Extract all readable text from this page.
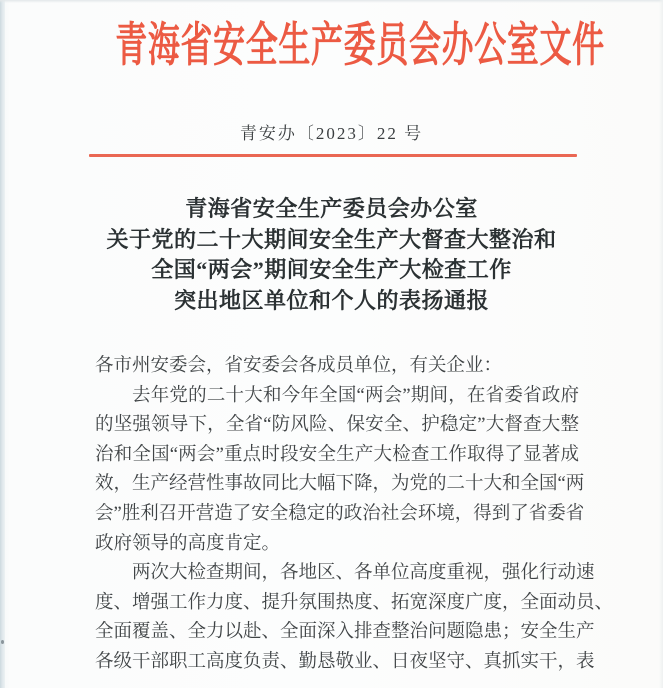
青海省安全生产委员会办公室文件
青安办〔2023〕22 号
青海省安全生产委员会办公室
关于党的二十大期间安全生产大督查大整治和
全国“两会”期间安全生产大检查工作
突出地区单位和个人的表扬通报
各市州安委会，省安委会各成员单位，有关企业：
去年党的二十大和今年全国“两会”期间，在省委省政府
的坚强领导下，全省“防风险、保安全、护稳定”大督查大整
治和全国“两会”重点时段安全生产大检查工作取得了显著成
效，生产经营性事故同比大幅下降，为党的二十大和全国“两
会”胜利召开营造了安全稳定的政治社会环境，得到了省委省
政府领导的高度肯定。
两次大检查期间，各地区、各单位高度重视，强化行动速
度、增强工作力度、提升氛围热度、拓宽深度广度，全面动员、
全面覆盖、全力以赴、全面深入排查整治问题隐患；安全生产
各级干部职工高度负责、勤恳敬业、日夜坚守、真抓实干，表
